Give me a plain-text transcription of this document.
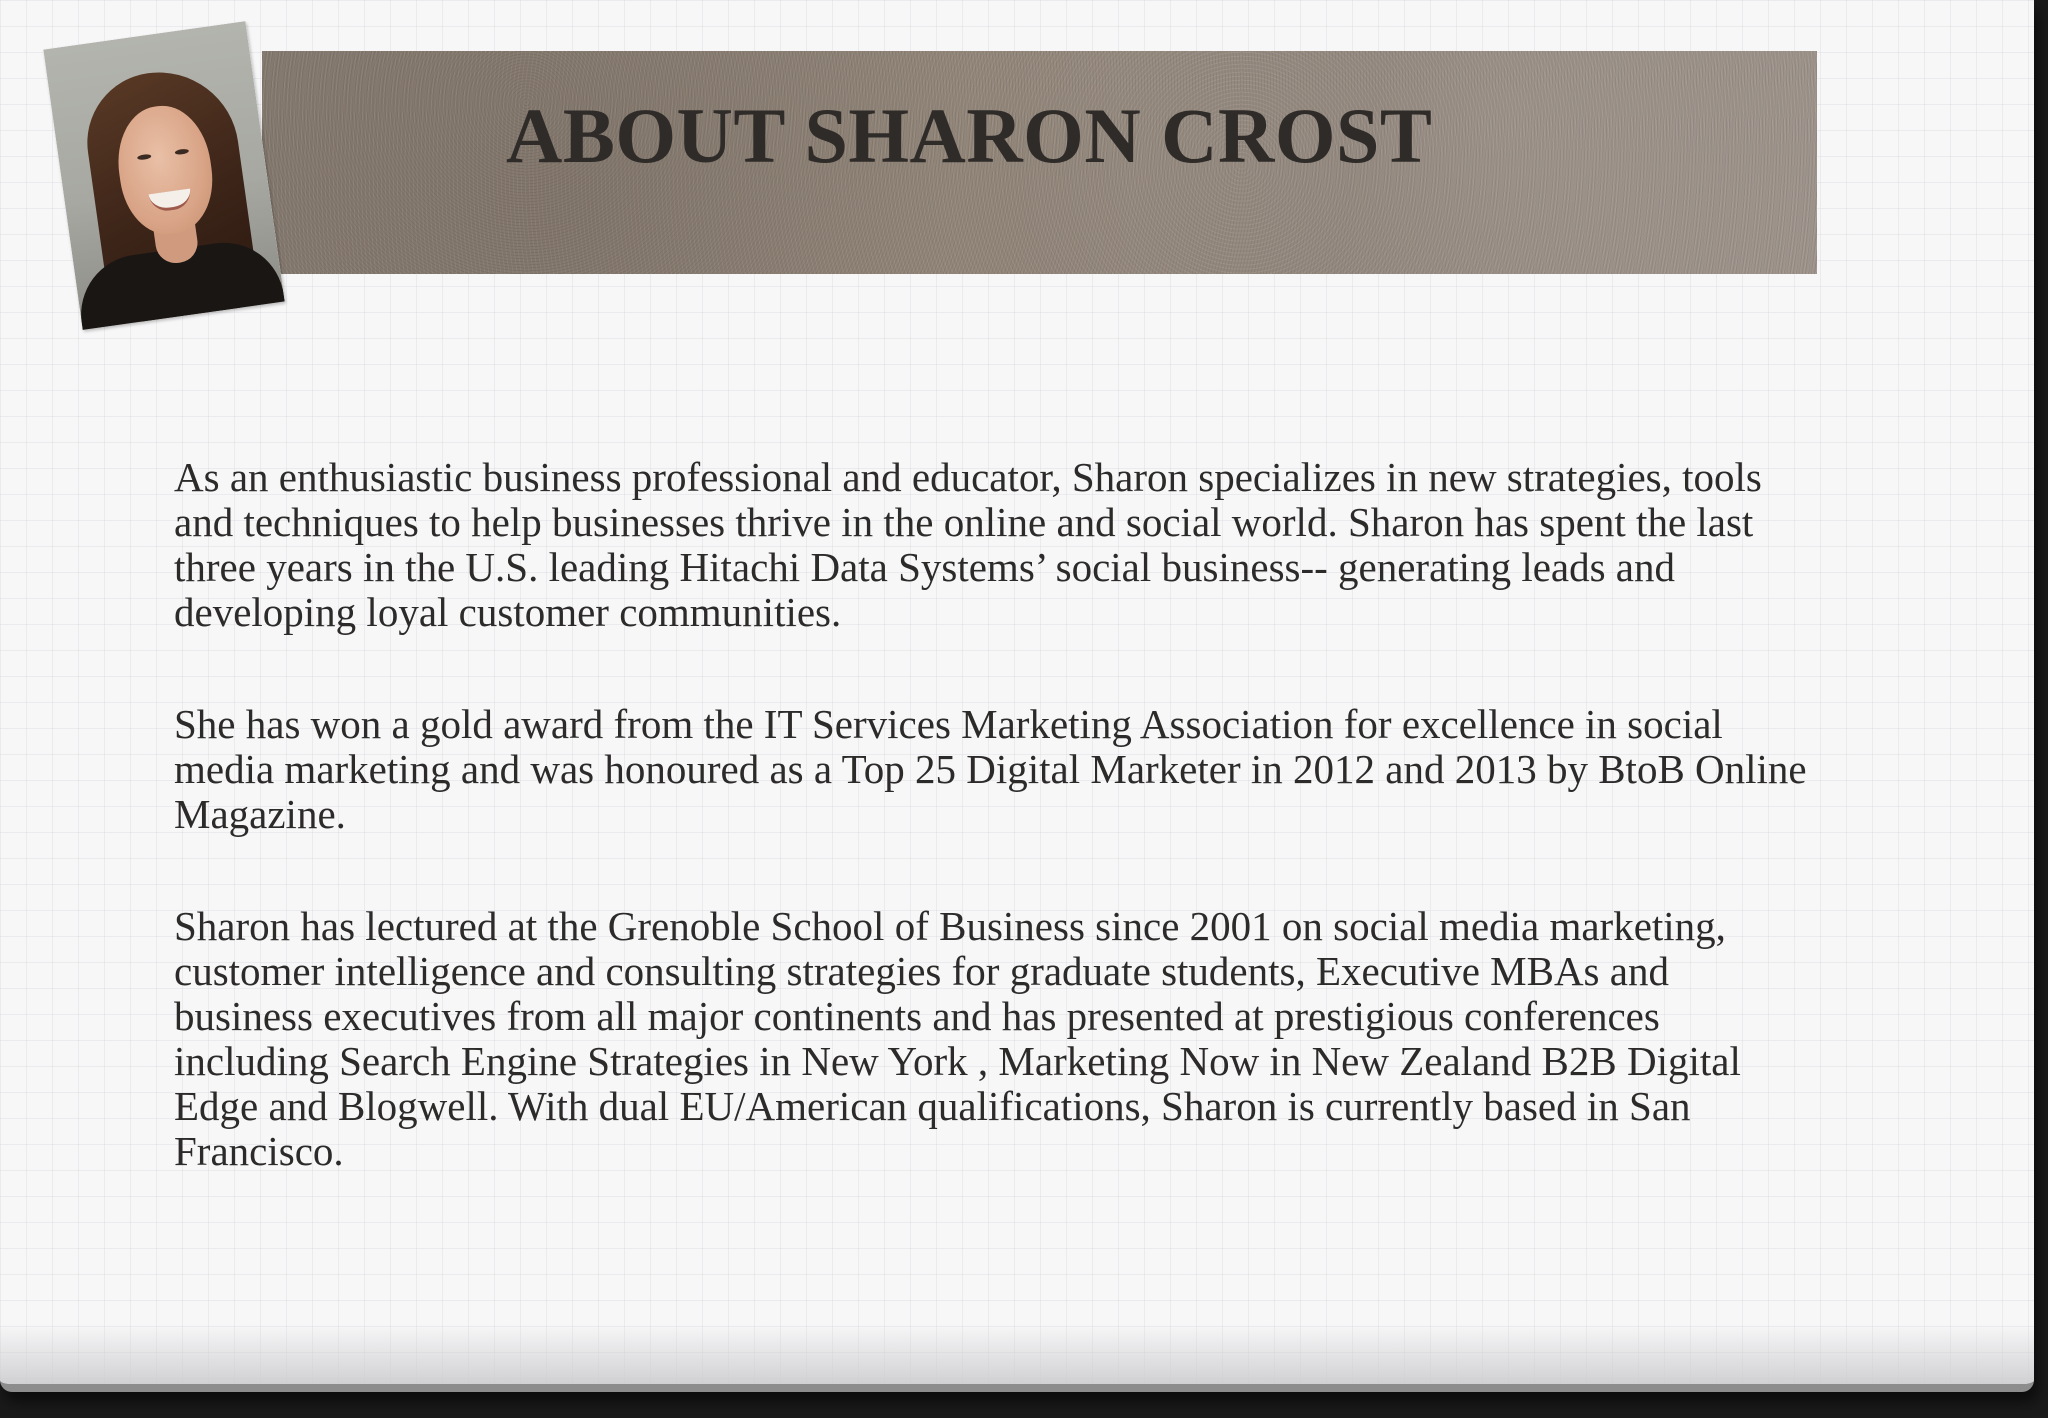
ABOUT SHARON CROST

As an enthusiastic business professional and educator, Sharon specializes in new strategies, tools and techniques to help businesses thrive in the online and social world. Sharon has spent the last three years in the U.S. leading Hitachi Data Systems’ social business-- generating leads and developing loyal customer communities.

She has won a gold award from the IT Services Marketing Association for excellence in social media marketing and was honoured as a Top 25 Digital Marketer in 2012 and 2013 by BtoB Online Magazine.

Sharon has lectured at the Grenoble School of Business since 2001 on social media marketing, customer intelligence and consulting strategies for graduate students, Executive MBAs and business executives from all major continents and has presented at prestigious conferences including Search Engine Strategies in New York , Marketing Now in New Zealand B2B Digital Edge and Blogwell. With dual EU/American qualifications, Sharon is currently based in San Francisco.
